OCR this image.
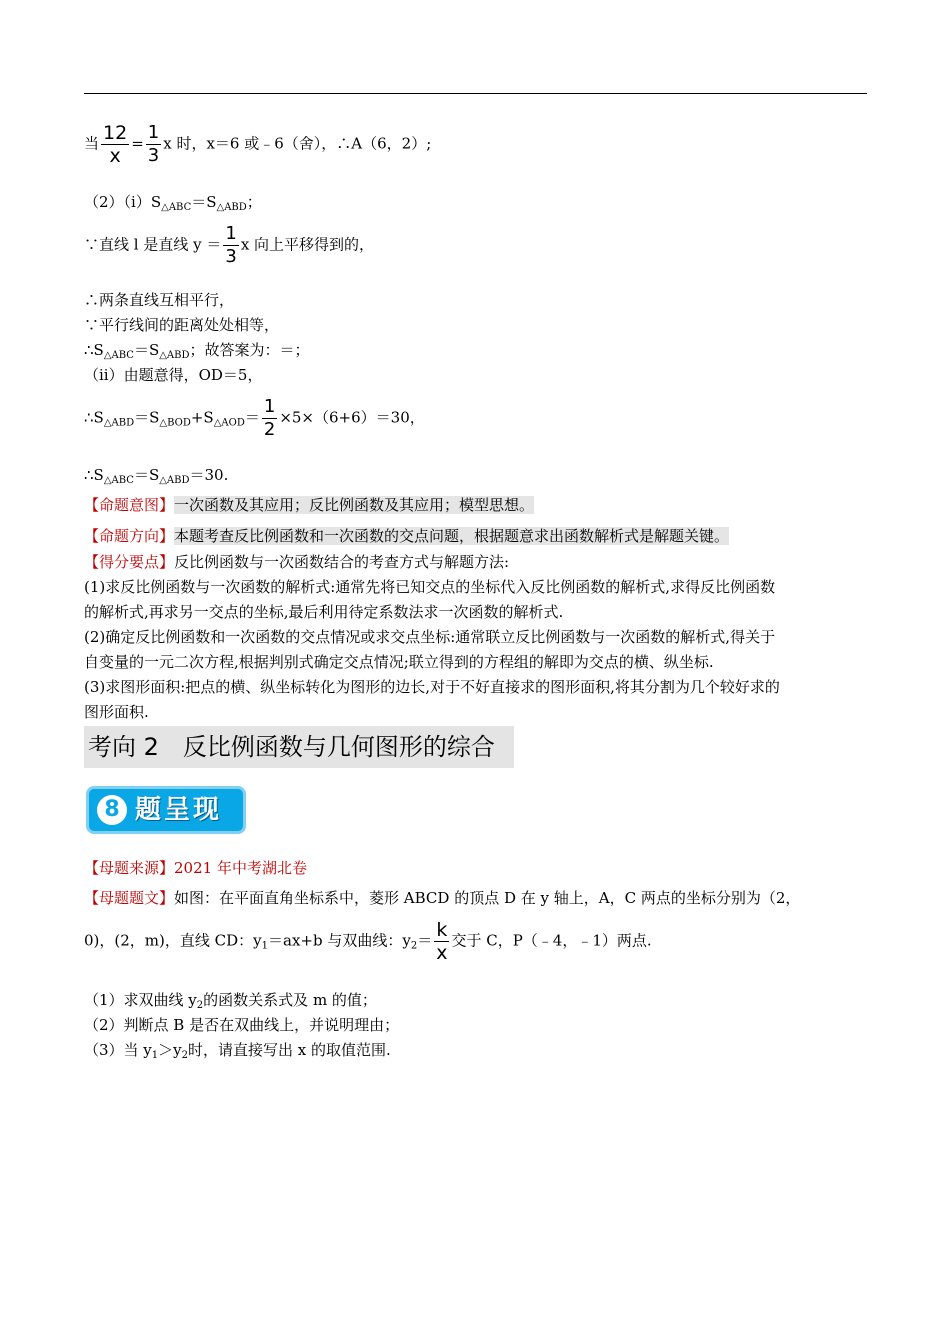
当 $\frac{12}{x} = \frac{1}{3}$ x 时，x＝6 或﹣6（舍），∴A（6，2）;
$(2)(i)S_{\triangle ABC}=S_{\triangle ABD}$；
∵直线 l 是直线 $y = \frac{1}{3}$ x 向上平移得到的，
∴两条直线互相平行，
∵平行线间的距离处处相等，
$\therefore S_{\triangle ABC}=S_{\triangle ABD}$；故答案为：＝；
（ii）由题意得，OD＝5，
$\therefore S_{\triangle ABD}=S_{\triangle BOD}+S_{\triangle AOD}= \frac{1}{2} \times 5\times(6+6)=30$，
$\therefore S_{\triangle ABC}=S_{\triangle ABD}=30$.
【命题意图】一次函数及其应用；反比例函数及其应用；模型思想。
【命题方向】本题考查反比例函数和一次函数的交点问题，根据题意求出函数解析式是解题关键。
【得分要点】反比例函数与一次函数结合的考查方式与解题方法:
(1)求反比例函数与一次函数的解析式:通常先将已知交点的坐标代入反比例函数的解析式,求得反比例函数
的解析式,再求另一交点的坐标,最后利用待定系数法求一次函数的解析式.
(2)确定反比例函数和一次函数的交点情况或求交点坐标:通常联立反比例函数与一次函数的解析式,得关于
自变量的一元二次方程,根据判别式确定交点情况;联立得到的方程组的解即为交点的横、纵坐标.
(3)求图形面积:把点的横、纵坐标转化为图形的边长,对于不好直接求的图形面积,将其分割为几个较好求的
图形面积.
考向 2　反比例函数与几何图形的综合
8 题呈现
【母题来源】2021 年中考湖北卷
【母题题文】如图：在平面直角坐标系中，菱形 ABCD 的顶点 D 在 y 轴上，A，C 两点的坐标分别为（2，
0)，(2，m)，直线 CD：$y_1=ax+b$ 与双曲线：$y_2= \frac{k}{x}$ 交于 C，P（﹣4，﹣1）两点.
（1）求双曲线 $y_2$的函数关系式及 m 的值；
（2）判断点 B 是否在双曲线上，并说明理由；
（3）当 $y_1>y_2$时，请直接写出 x 的取值范围.
